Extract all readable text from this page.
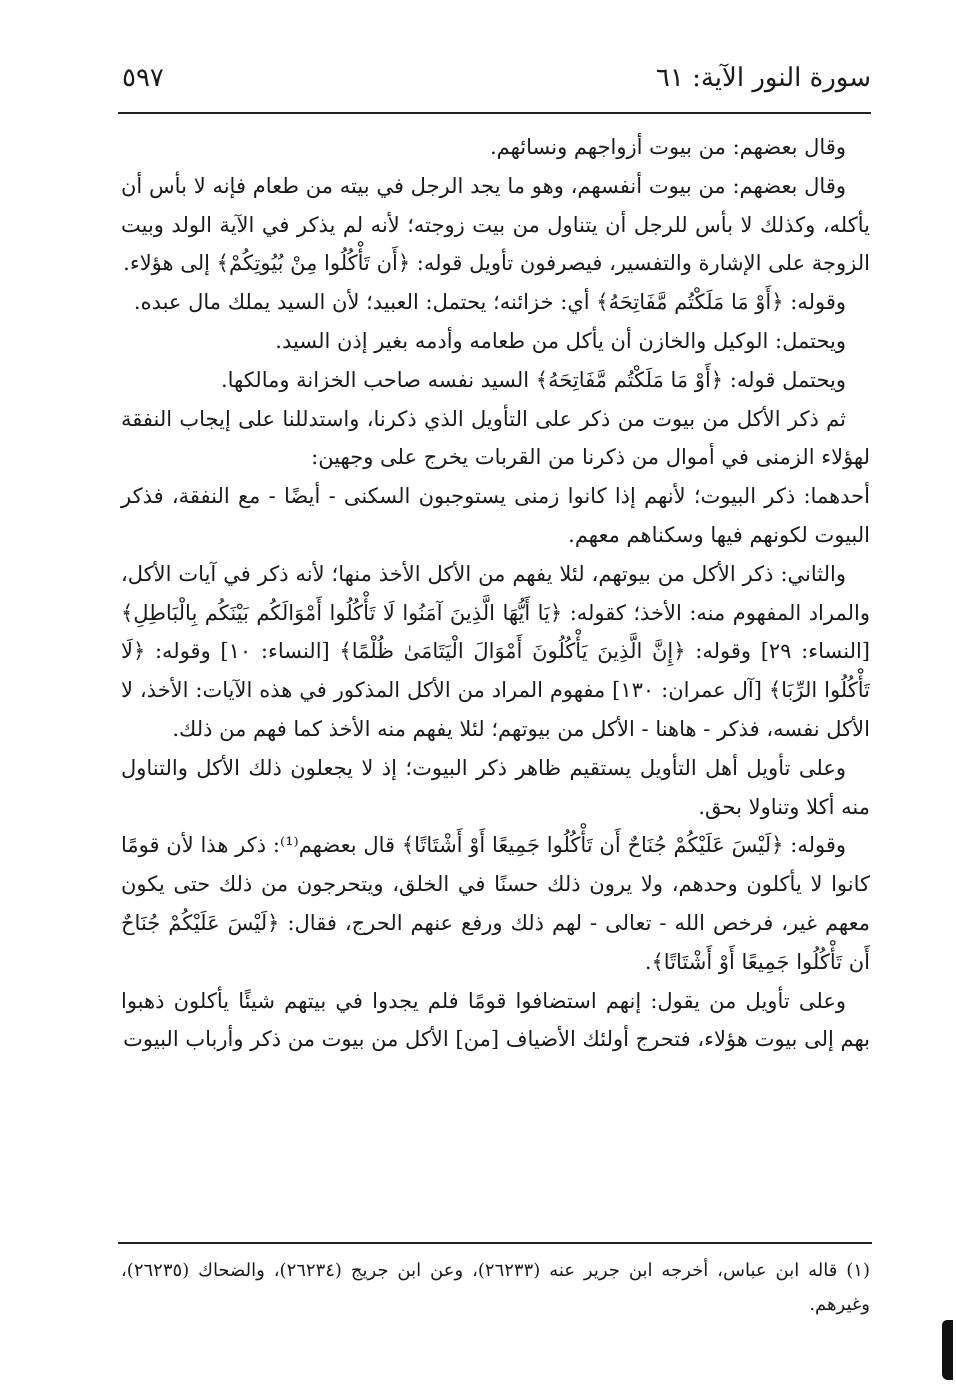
سورة النور الآية: ٦١
٥٩٧

وقال بعضهم: من بيوت أزواجهم ونسائهم.

وقال بعضهم: من بيوت أنفسهم، وهو ما يجد الرجل في بيته من طعام فإنه لا بأس أن يأكله، وكذلك لا بأس للرجل أن يتناول من بيت زوجته؛ لأنه لم يذكر في الآية الولد وبيت الزوجة على الإشارة والتفسير، فيصرفون تأويل قوله: ﴿أَن تَأْكُلُوا مِنْ بُيُوتِكُمْ﴾ إلى هؤلاء.

وقوله: ﴿أَوْ مَا مَلَكْتُم مَّفَاتِحَهُ﴾ أي: خزائنه؛ يحتمل: العبيد؛ لأن السيد يملك مال عبده.

ويحتمل: الوكيل والخازن أن يأكل من طعامه وأدمه بغير إذن السيد.

ويحتمل قوله: ﴿أَوْ مَا مَلَكْتُم مَّفَاتِحَهُ﴾ السيد نفسه صاحب الخزانة ومالكها.

ثم ذكر الأكل من بيوت من ذكر على التأويل الذي ذكرنا، واستدللنا على إيجاب النفقة لهؤلاء الزمنى في أموال من ذكرنا من القربات يخرج على وجهين:

أحدهما: ذكر البيوت؛ لأنهم إذا كانوا زمنى يستوجبون السكنى - أيضًا - مع النفقة، فذكر البيوت لكونهم فيها وسكناهم معهم.

والثاني: ذكر الأكل من بيوتهم، لئلا يفهم من الأكل الأخذ منها؛ لأنه ذكر في آيات الأكل، والمراد المفهوم منه: الأخذ؛ كقوله: ﴿يَا أَيُّهَا الَّذِينَ آمَنُوا لَا تَأْكُلُوا أَمْوَالَكُم بَيْنَكُم بِالْبَاطِلِ﴾ [النساء: ٢٩] وقوله: ﴿إِنَّ الَّذِينَ يَأْكُلُونَ أَمْوَالَ الْيَتَامَىٰ ظُلْمًا﴾ [النساء: ١٠] وقوله: ﴿لَا تَأْكُلُوا الرِّبَا﴾ [آل عمران: ١٣٠] مفهوم المراد من الأكل المذكور في هذه الآيات: الأخذ، لا الأكل نفسه، فذكر - هاهنا - الأكل من بيوتهم؛ لئلا يفهم منه الأخذ كما فهم من ذلك.

وعلى تأويل أهل التأويل يستقيم ظاهر ذكر البيوت؛ إذ لا يجعلون ذلك الأكل والتناول منه أكلا وتناولا بحق.

وقوله: ﴿لَيْسَ عَلَيْكُمْ جُنَاحٌ أَن تَأْكُلُوا جَمِيعًا أَوْ أَشْتَاتًا﴾ قال بعضهم⁽¹⁾: ذكر هذا لأن قومًا كانوا لا يأكلون وحدهم، ولا يرون ذلك حسنًا في الخلق، ويتحرجون من ذلك حتى يكون معهم غير، فرخص الله - تعالى - لهم ذلك ورفع عنهم الحرج، فقال: ﴿لَيْسَ عَلَيْكُمْ جُنَاحٌ أَن تَأْكُلُوا جَمِيعًا أَوْ أَشْتَاتًا﴾.

وعلى تأويل من يقول: إنهم استضافوا قومًا فلم يجدوا في بيتهم شيئًا يأكلون ذهبوا بهم إلى بيوت هؤلاء، فتحرج أولئك الأضياف [من] الأكل من بيوت من ذكر وأرباب البيوت

(١) قاله ابن عباس، أخرجه ابن جرير عنه (٢٦٢٣٣)، وعن ابن جريج (٢٦٢٣٤)، والضحاك (٢٦٢٣٥)، وغيرهم.
